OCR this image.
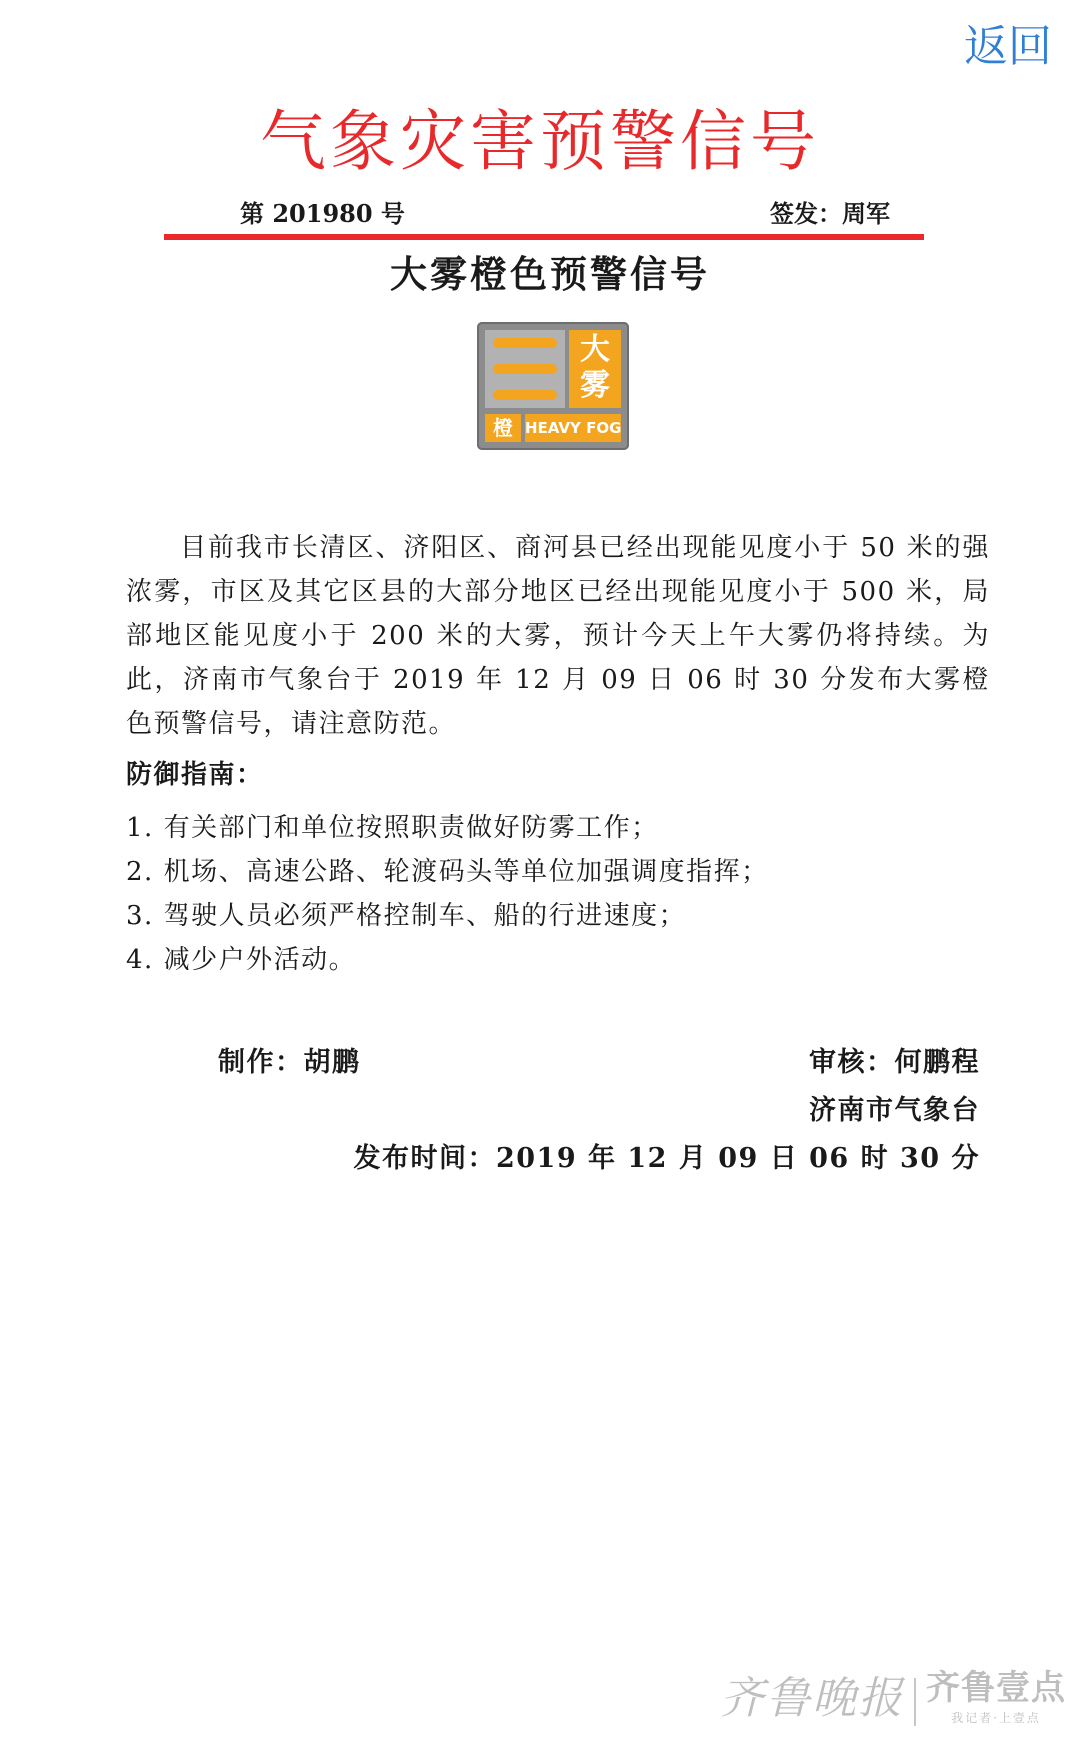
返回
气象灾害预警信号
第 201980 号	签发：周军
大雾橙色预警信号
大
雾
橙 HEAVY FOG

目前我市长清区、济阳区、商河县已经出现能见度小于 50 米的强浓雾，市区及其它区县的大部分地区已经出现能见度小于 500 米，局部地区能见度小于 200 米的大雾，预计今天上午大雾仍将持续。为此，济南市气象台于 2019 年 12 月 09 日 06 时 30 分发布大雾橙色预警信号，请注意防范。

防御指南：
1. 有关部门和单位按照职责做好防雾工作；
2. 机场、高速公路、轮渡码头等单位加强调度指挥；
3. 驾驶人员必须严格控制车、船的行进速度；
4. 减少户外活动。
制作：胡鹏	审核：何鹏程
济南市气象台
发布时间：2019 年 12 月 09 日 06 时 30 分
齐鲁晚报 齐鲁壹点
我记者·上壹点
